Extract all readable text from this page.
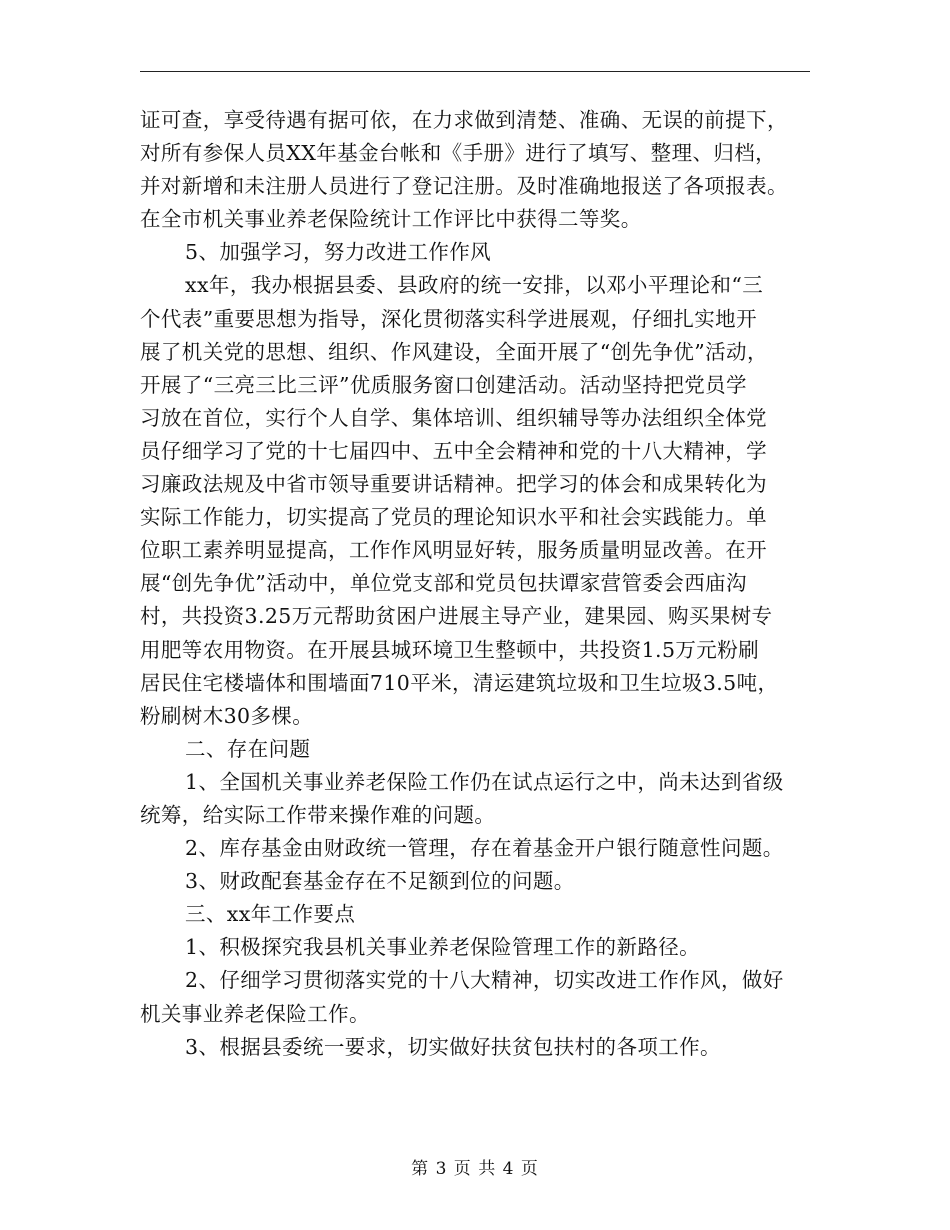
证可查，享受待遇有据可依，在力求做到清楚、准确、无误的前提下，
对所有参保人员XX年基金台帐和《手册》进行了填写、整理、归档，
并对新增和未注册人员进行了登记注册。及时准确地报送了各项报表。
在全市机关事业养老保险统计工作评比中获得二等奖。
5、加强学习，努力改进工作作风
xx年，我办根据县委、县政府的统一安排，以邓小平理论和“三
个代表”重要思想为指导，深化贯彻落实科学进展观，仔细扎实地开
展了机关党的思想、组织、作风建设，全面开展了“创先争优”活动，
开展了“三亮三比三评”优质服务窗口创建活动。活动坚持把党员学
习放在首位，实行个人自学、集体培训、组织辅导等办法组织全体党
员仔细学习了党的十七届四中、五中全会精神和党的十八大精神，学
习廉政法规及中省市领导重要讲话精神。把学习的体会和成果转化为
实际工作能力，切实提高了党员的理论知识水平和社会实践能力。单
位职工素养明显提高，工作作风明显好转，服务质量明显改善。在开
展“创先争优”活动中，单位党支部和党员包扶谭家营管委会西庙沟
村，共投资3.25万元帮助贫困户进展主导产业，建果园、购买果树专
用肥等农用物资。在开展县城环境卫生整顿中，共投资1.5万元粉刷
居民住宅楼墙体和围墙面710平米，清运建筑垃圾和卫生垃圾3.5吨，
粉刷树木30多棵。
二、存在问题
1、全国机关事业养老保险工作仍在试点运行之中，尚未达到省级
统筹，给实际工作带来操作难的问题。
2、库存基金由财政统一管理，存在着基金开户银行随意性问题。
3、财政配套基金存在不足额到位的问题。
三、xx年工作要点
1、积极探究我县机关事业养老保险管理工作的新路径。
2、仔细学习贯彻落实党的十八大精神，切实改进工作作风，做好
机关事业养老保险工作。
3、根据县委统一要求，切实做好扶贫包扶村的各项工作。
第 3 页 共 4 页
